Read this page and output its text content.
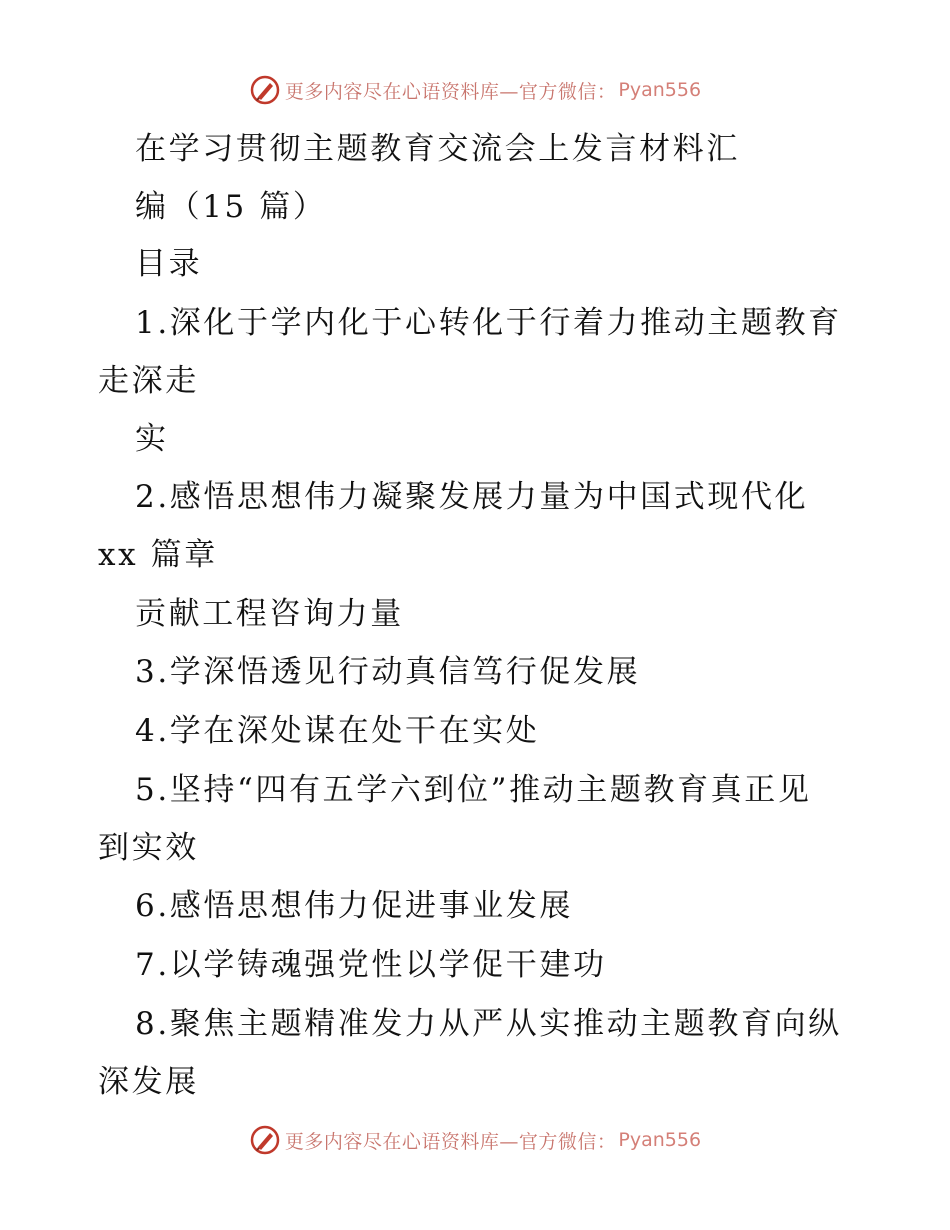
更多内容尽在心语资料库—官方微信： Pyan556
在学习贯彻主题教育交流会上发言材料汇
编（15 篇）
目录
1.深化于学内化于心转化于行着力推动主题教育
走深走
实
2.感悟思想伟力凝聚发展力量为中国式现代化
xx 篇章
贡献工程咨询力量
3.学深悟透见行动真信笃行促发展
4.学在深处谋在处干在实处
5.坚持“四有五学六到位”推动主题教育真正见
到实效
6.感悟思想伟力促进事业发展
7.以学铸魂强党性以学促干建功
8.聚焦主题精准发力从严从实推动主题教育向纵
深发展
更多内容尽在心语资料库—官方微信： Pyan556
